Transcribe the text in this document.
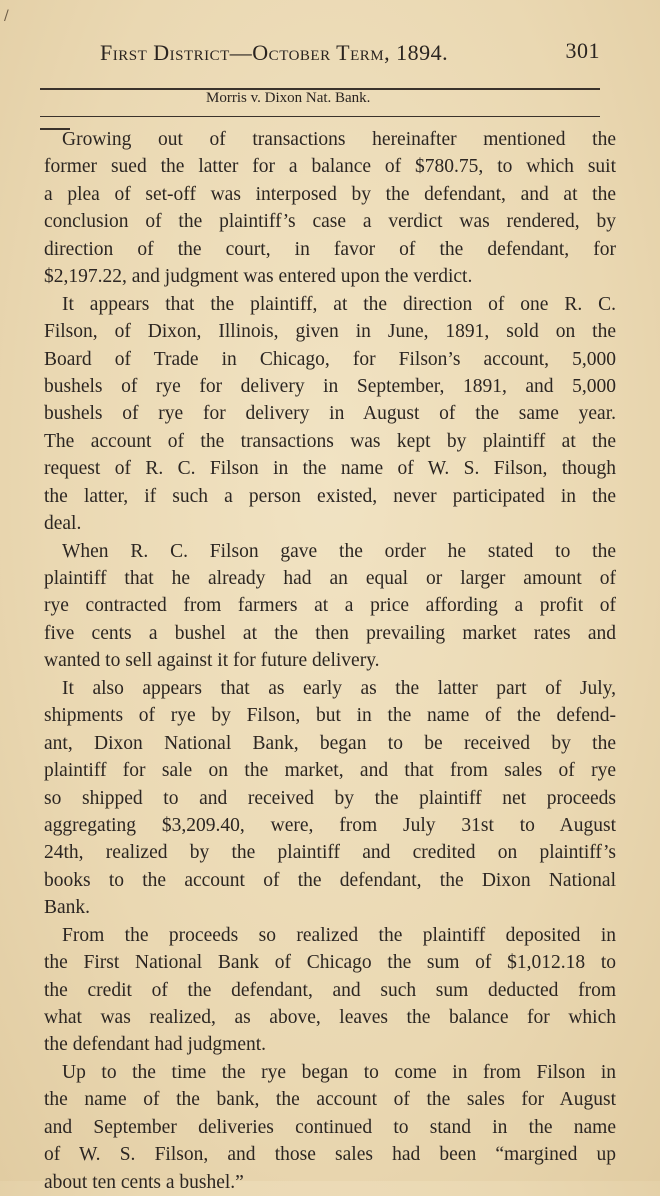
/
First District—October Term, 1894.	301
Morris v. Dixon Nat. Bank.
Growing out of transactions hereinafter mentioned the
former sued the latter for a balance of $780.75, to which suit
a plea of set-off was interposed by the defendant, and at the
conclusion of the plaintiff’s case a verdict was rendered, by
direction of the court, in favor of the defendant, for
$2,197.22, and judgment was entered upon the verdict.
It appears that the plaintiff, at the direction of one R. C.
Filson, of Dixon, Illinois, given in June, 1891, sold on the
Board of Trade in Chicago, for Filson’s account, 5,000
bushels of rye for delivery in September, 1891, and 5,000
bushels of rye for delivery in August of the same year.
The account of the transactions was kept by plaintiff at the
request of R. C. Filson in the name of W. S. Filson, though
the latter, if such a person existed, never participated in the
deal.
When R. C. Filson gave the order he stated to the
plaintiff that he already had an equal or larger amount of
rye contracted from farmers at a price affording a profit of
five cents a bushel at the then prevailing market rates and
wanted to sell against it for future delivery.
It also appears that as early as the latter part of July,
shipments of rye by Filson, but in the name of the defend-
ant, Dixon National Bank, began to be received by the
plaintiff for sale on the market, and that from sales of rye
so shipped to and received by the plaintiff net proceeds
aggregating $3,209.40, were, from July 31st to August
24th, realized by the plaintiff and credited on plaintiff’s
books to the account of the defendant, the Dixon National
Bank.
From the proceeds so realized the plaintiff deposited in
the First National Bank of Chicago the sum of $1,012.18 to
the credit of the defendant, and such sum deducted from
what was realized, as above, leaves the balance for which
the defendant had judgment.
Up to the time the rye began to come in from Filson in
the name of the bank, the account of the sales for August
and September deliveries continued to stand in the name
of W. S. Filson, and those sales had been “margined up
about ten cents a bushel.”
